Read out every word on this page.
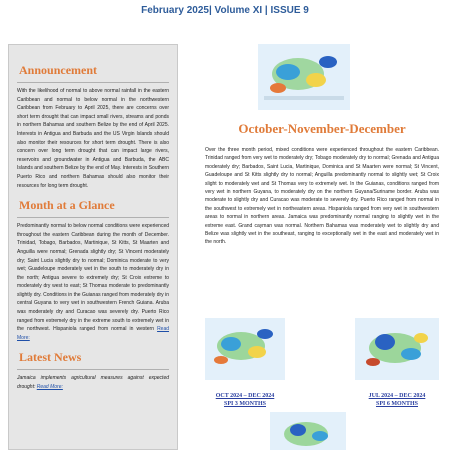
February 2025| Volume XI | ISSUE 9
Announcement
With the likelihood of normal to above normal rainfall in the eastern Caribbean and normal to below normal in the northwestern Caribbean from February to April 2025, there are concerns over short term drought that can impact small rivers, streams and ponds in northern Bahamas and southern Belize by the end of April 2025. Interests in Antigua and Barbuda and the US Virgin Islands should also monitor their resources for short term drought. There is also concern over long term drought that can impact large rivers, reservoirs and groundwater in Antigua and Barbuda, the ABC Islands and southern Belize by the end of May. Interests in Southern Puerto Rico and northern Bahamas should also monitor their resources for long term drought.
Month at a Glance
Predominantly normal to below normal conditions were experienced throughout the eastern Caribbean during the month of December. Trinidad, Tobago, Barbados, Martinique, St Kitts, St Maarten and Anguilla were normal; Grenada slightly dry; St Vincent moderately dry; Saint Lucia slightly dry to normal; Dominica moderate to very wet; Guadeloupe moderately wet in the south to moderately dry in the north; Antigua severe to extremely dry; St Croix extreme to moderately dry west to east; St Thomas moderate to predominantly slightly dry. Conditions in the Guianas ranged from moderately dry in central Guyana to very wet in southwestern French Guiana. Aruba was moderately dry and Curacao was severely dry. Puerto Rico ranged from extremely dry in the extreme south to extremely wet in the northwest. Hispaniola ranged from normal in western Read More:
Latest News
Jamaica implements agricultural measures against expected drought: Read More:
October-November-December
Over the three month period, mixed conditions were experienced throughout the eastern Caribbean. Trinidad ranged from very wet to moderately dry; Tobago moderately dry to normal; Grenada and Antigua moderately dry; Barbados, Saint Lucia, Martinique, Dominica and St Maarten were normal; St Vincent, Guadeloupe and St Kitts slightly dry to normal; Anguilla predominantly normal to slightly wet; St Croix slight to moderately wet and St Thomas very to extremely wet. In the Guianas, conditions ranged from very wet in northern Guyana, to moderately dry on the northern Guyana/Suriname border. Aruba was moderate to slightly dry and Curacao was moderate to severely dry. Puerto Rico ranged from normal in the southwest to extremely wet in northeastern areas. Hispaniola ranged from very wet in southwestern areas to normal in northern areas. Jamaica was predominantly normal ranging to slightly wet in the extreme east. Grand cayman was normal. Northern Bahamas was moderately wet to slightly dry and Belize was slightly wet in the southeast, ranging to exceptionally wet in the east and moderately wet in the north.
OCT 2024 – DEC 2024
SPI 3 MONTHS
JUL 2024 – DEC 2024
SPI 6 MONTHS
